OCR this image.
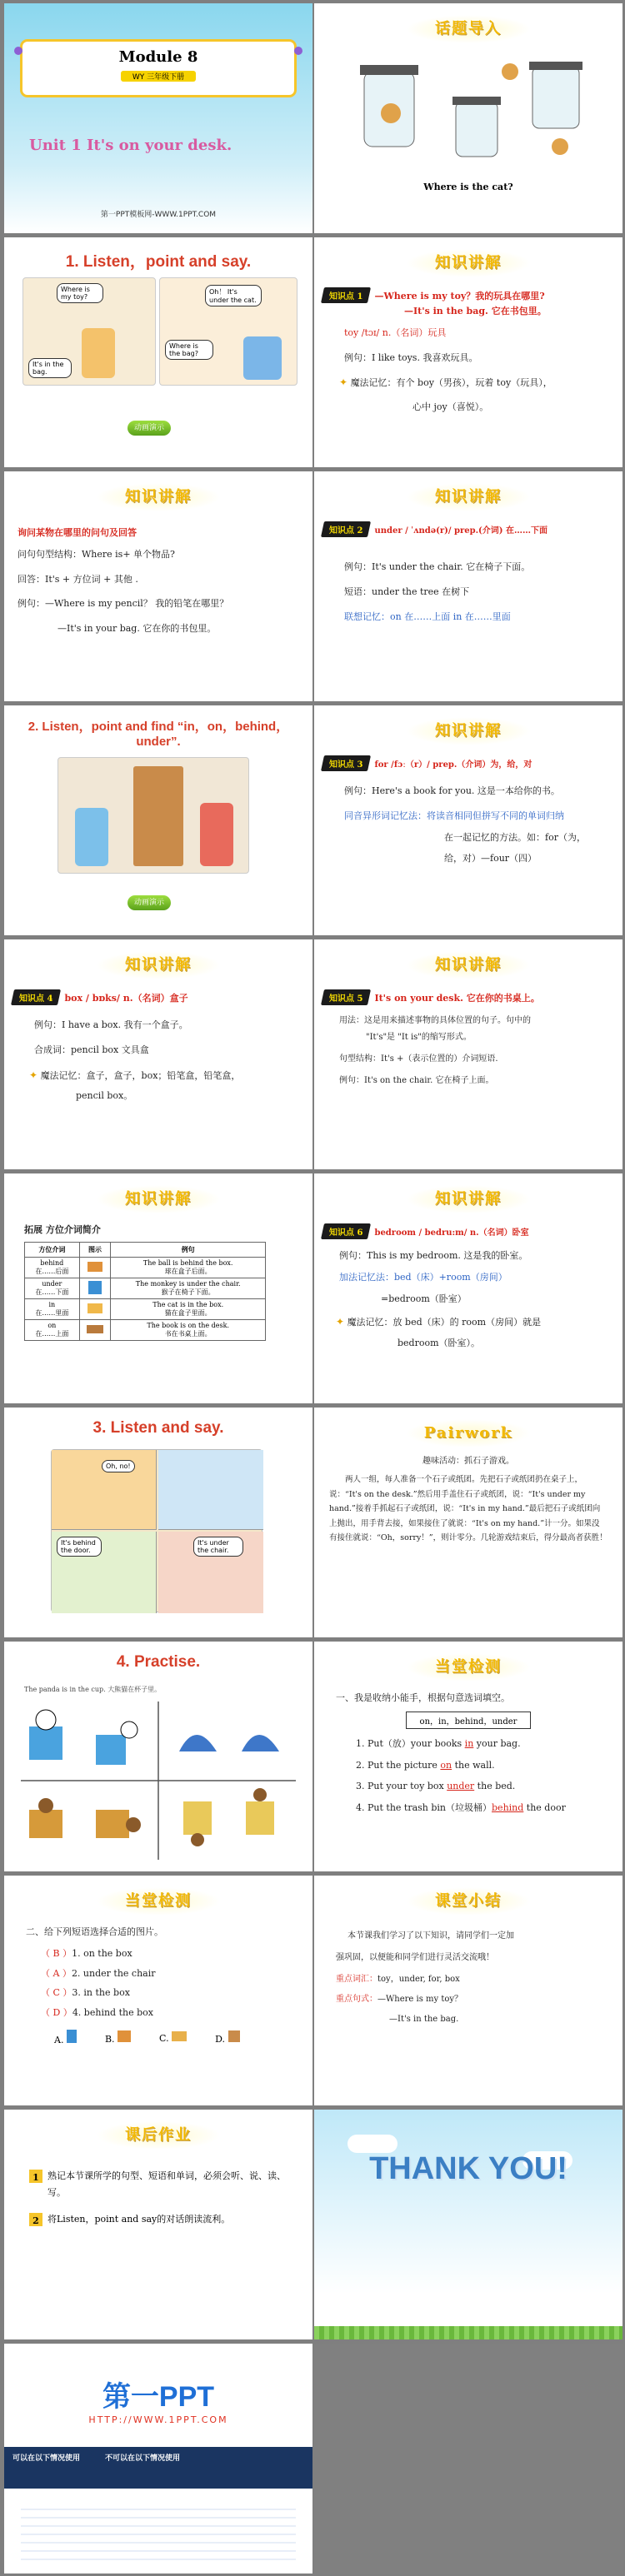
Module 8
WY 三年级下册
Unit 1 It's on your desk.
第一PPT模板网-WWW.1PPT.COM
话题导入
Where is the cat?
1. Listen，point and say.
Where is my toy?
It's in the bag.
Oh！ It's under the cat.
Where is the bag?
动画演示
知识讲解
知识点 1	—Where is my toy？我的玩具在哪里?
—It's in the bag. 它在书包里。
toy /tɔɪ/ n.（名词）玩具
例句：I like toys. 我喜欢玩具。
✦ 魔法记忆：有个 boy（男孩），玩着 toy（玩具），
心中 joy（喜悦）。
知识讲解
询问某物在哪里的问句及回答
问句句型结构：Where is+ 单个物品?
回答：It's + 方位词 + 其他 .
例句：—Where is my pencil？ 我的铅笔在哪里？
—It's in your bag. 它在你的书包里。
知识讲解
知识点 2	under / ˈʌndə(r)/ prep.(介词) 在……下面
例句：It's under the chair. 它在椅子下面。
短语：under the tree 在树下
联想记忆：on 在……上面 in 在……里面
2. Listen，point and find “in，on，behind，under”.
动画演示
知识讲解
知识点 3	for /fɔː（r）/ prep.（介词）为，给，对
例句：Here's a book for you. 这是一本给你的书。
同音异形词记忆法：将读音相同但拼写不同的单词归纳
在一起记忆的方法。如：for（为，
给，对）—four（四）
知识讲解
知识点 4	box / bɒks/ n.（名词）盒子
例句：I have a box. 我有一个盒子。
合成词：pencil box 文具盒
✦ 魔法记忆：盒子，盒子，box；铅笔盒，铅笔盒，
pencil box。
知识讲解
知识点 5	It's on your desk. 它在你的书桌上。
用法：这是用来描述事物的具体位置的句子。句中的
"It's"是 "It is"的缩写形式。
句型结构：It's +（表示位置的）介词短语.
例句：It's on the chair. 它在椅子上面。
知识讲解
拓展 方位介词简介
方位介词	图示	例句
behind
在……后面		The ball is behind the box.
球在盒子后面。
under
在……下面		The monkey is under the chair.
猴子在椅子下面。
in
在……里面		The cat is in the box.
猫在盒子里面。
on
在……上面		The book is on the desk.
书在书桌上面。
知识讲解
知识点 6	bedroom / bedru:m/ n.（名词）卧室
例句：This is my bedroom. 这是我的卧室。
加法记忆法：bed（床）+room（房间）
=bedroom（卧室）
✦ 魔法记忆：放 bed（床）的 room（房间）就是
bedroom（卧室）。
3. Listen and say.
Oh, no!
It's behind the door.
It's under the chair.
Pairwork
趣味活动：抓石子游戏。
两人一组，每人准备一个石子或纸团。先把石子或纸团扔在桌子上，说：“It's on the desk.”然后用手盖住石子或纸团，说：“It's under my hand.”接着手抓起石子或纸团，说：“It's in my hand.”最后把石子或纸团向上抛出，用手背去接，如果接住了就说：“It's on my hand.”计一分。如果没有接住就说：“Oh，sorry！”，则计零分。几轮游戏结束后，得分最高者获胜！
4. Practise.
The panda is in the cup. 大熊猫在杯子里。
当堂检测
一、我是收纳小能手，根据句意选词填空。
on，in，behind，under
1. Put（放）your books in your bag.
2. Put the picture on the wall.
3. Put your toy box under the bed.
4. Put the trash bin（垃圾桶）behind the door
当堂检测
二、给下列短语选择合适的图片。
（ B ）1. on the box
（ A ）2. under the chair
（ C ）3. in the box
（ D ）4. behind the box
A.	B.	C.	D.
课堂小结
本节课我们学习了以下知识，请同学们一定加
强巩固，以便能和同学们进行灵活交流哦！
重点词汇：toy，under, for, box
重点句式：—Where is my toy？
—It's in the bag.
课后作业
1 熟记本节课所学的句型、短语和单词，必须会听、说、读、写。
2 将Listen，point and say的对话朗读流利。
THANK YOU!
第一PPT
HTTP://WWW.1PPT.COM
可以在以下情况使用	不可以在以下情况使用
